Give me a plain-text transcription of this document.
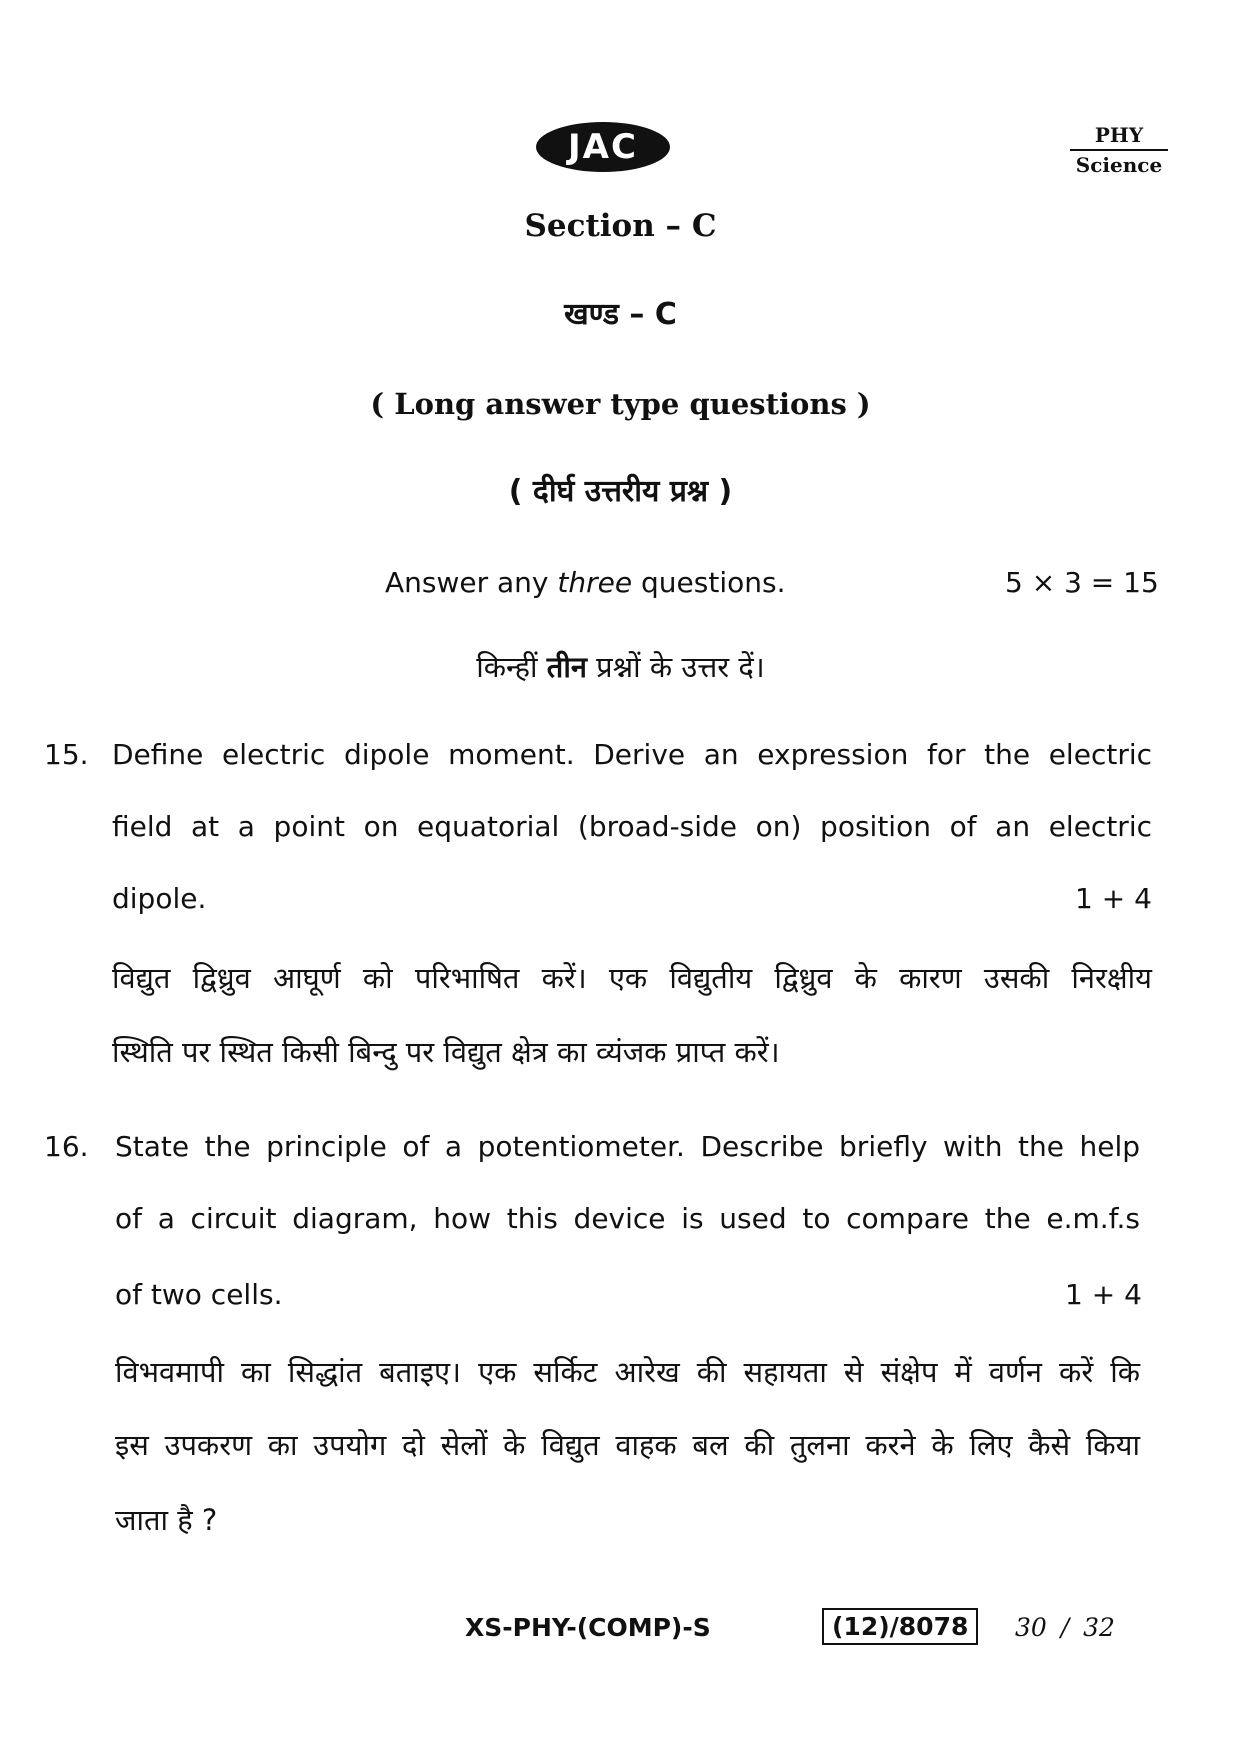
JAC	PHY
Science
Section – C
खण्ड – C
( Long answer type questions )
( दीर्घ उत्तरीय प्रश्न )
Answer any three questions.	5 × 3 = 15
किन्हीं तीन प्रश्नों के उत्तर दें।
15. Define electric dipole moment. Derive an expression for the electric
field at a point on equatorial (broad-side on) position of an electric
dipole.	1 + 4
विद्युत द्विध्रुव आघूर्ण को परिभाषित करें। एक विद्युतीय द्विध्रुव के कारण उसकी निरक्षीय
स्थिति पर स्थित किसी बिन्दु पर विद्युत क्षेत्र का व्यंजक प्राप्त करें।
16. State the principle of a potentiometer. Describe briefly with the help
of a circuit diagram, how this device is used to compare the e.m.f.s
of two cells.	1 + 4
विभवमापी का सिद्धांत बताइए। एक सर्किट आरेख की सहायता से संक्षेप में वर्णन करें कि
इस उपकरण का उपयोग दो सेलों के विद्युत वाहक बल की तुलना करने के लिए कैसे किया
जाता है ?
XS-PHY-(COMP)-S	(12)/8078	30 / 32
